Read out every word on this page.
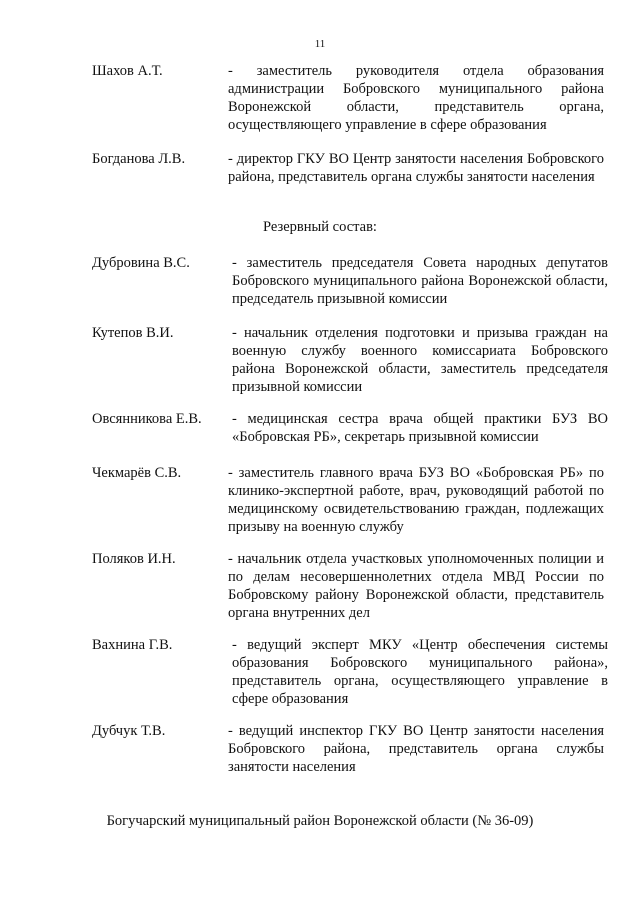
11
Шахов А.Т.	- заместитель руководителя отдела образования администрации Бобровского муниципального района Воронежской области, представитель органа, осуществляющего управление в сфере образования
Богданова Л.В.	- директор ГКУ ВО Центр занятости населения Бобровского района, представитель органа службы занятости населения
Резервный состав:
Дубровина В.С.	- заместитель председателя Совета народных депутатов Бобровского муниципального района Воронежской области, председатель призывной комиссии
Кутепов В.И.	- начальник отделения подготовки и призыва граждан на военную службу военного комиссариата Бобровского района Воронежской области, заместитель председателя призывной комиссии
Овсянникова Е.В. - медицинская сестра врача общей практики БУЗ ВО «Бобровская РБ», секретарь призывной комиссии
Чекмарёв С.В.	- заместитель главного врача БУЗ ВО «Бобровская РБ» по клинико-экспертной работе, врач, руководящий работой по медицинскому освидетельствованию граждан, подлежащих призыву на военную службу
Поляков И.Н.	- начальник отдела участковых уполномоченных полиции и по делам несовершеннолетних отдела МВД России по Бобровскому району Воронежской области, представитель органа внутренних дел
Вахнина Г.В.	- ведущий эксперт МКУ «Центр обеспечения системы образования Бобровского муниципального района», представитель органа, осуществляющего управление в сфере образования
Дубчук Т.В.	- ведущий инспектор ГКУ ВО Центр занятости населения Бобровского района, представитель органа службы занятости населения
Богучарский муниципальный район Воронежской области (№ 36-09)
